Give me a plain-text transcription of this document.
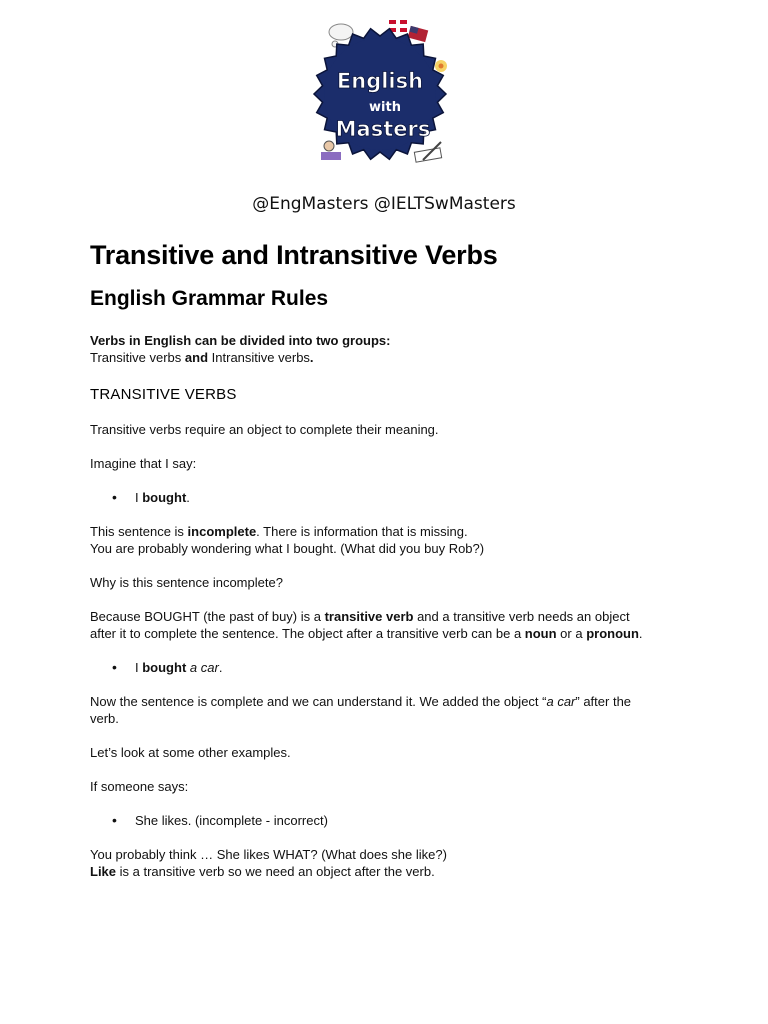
English
with
Masters
@EngMasters @IELTSwMasters
Transitive and Intransitive Verbs
English Grammar Rules

Verbs in English can be divided into two groups:
Transitive verbs and Intransitive verbs.

TRANSITIVE VERBS

Transitive verbs require an object to complete their meaning.

Imagine that I say:

• I bought.

This sentence is incomplete. There is information that is missing.
You are probably wondering what I bought. (What did you buy Rob?)

Why is this sentence incomplete?

Because BOUGHT (the past of buy) is a transitive verb and a transitive verb needs an object
after it to complete the sentence. The object after a transitive verb can be a noun or a pronoun.

• I bought a car.

Now the sentence is complete and we can understand it. We added the object “a car” after the
verb.

Let’s look at some other examples.

If someone says:

• She likes. (incomplete - incorrect)

You probably think … She likes WHAT? (What does she like?)
Like is a transitive verb so we need an object after the verb.
